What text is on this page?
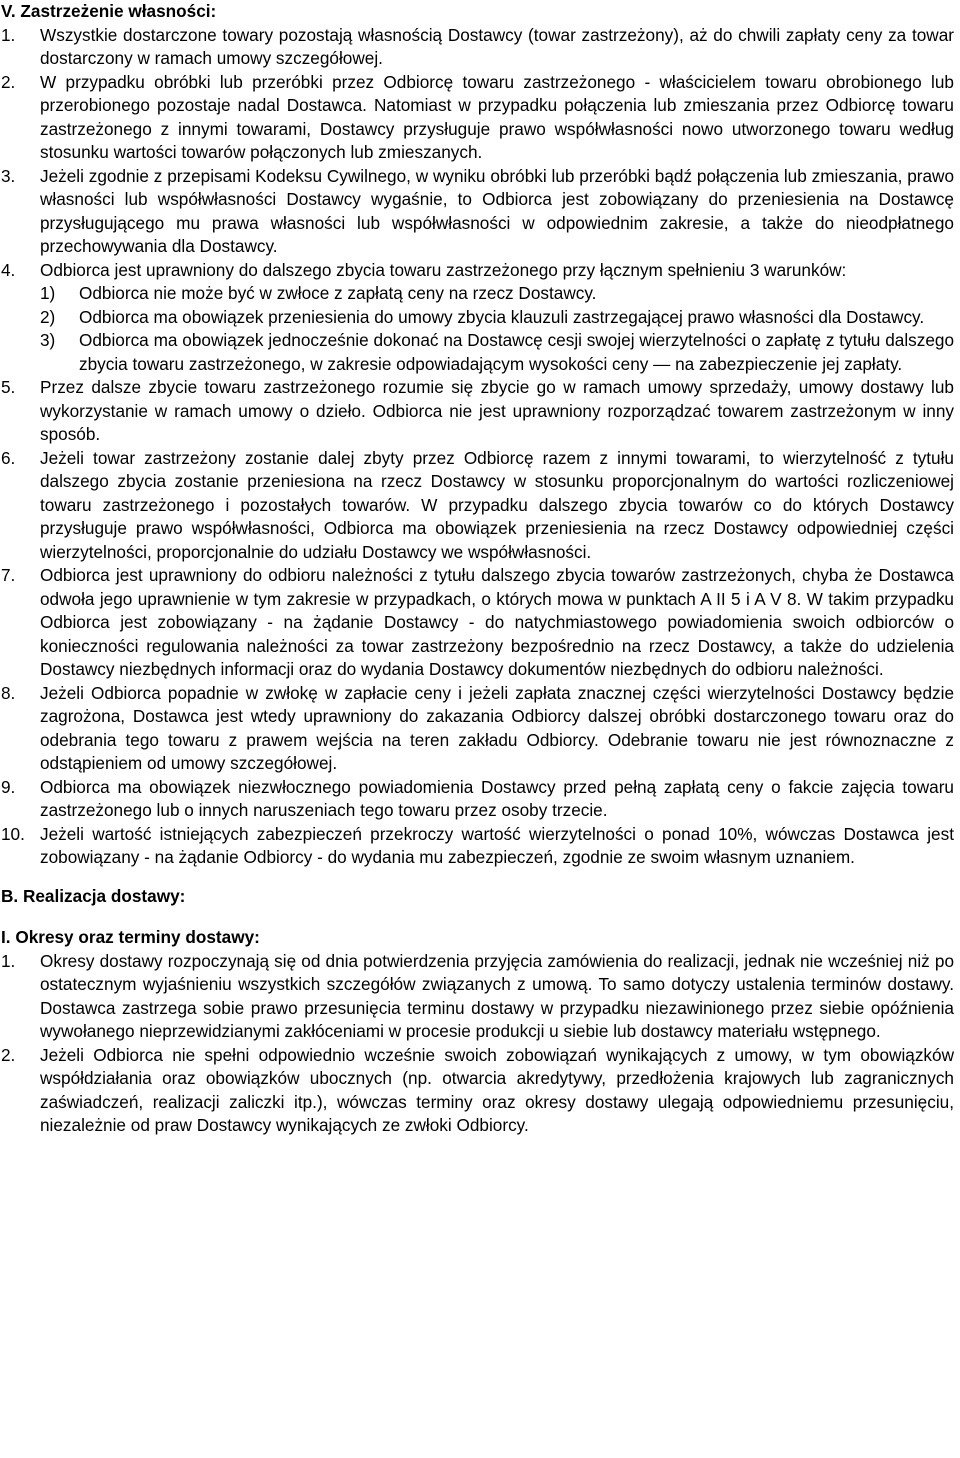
V. Zastrzeżenie własności:
1.	Wszystkie dostarczone towary pozostają własnością Dostawcy (towar zastrzeżony), aż do chwili zapłaty ceny za towar dostarczony w ramach umowy szczegółowej.
2.	W przypadku obróbki lub przeróbki przez Odbiorcę towaru zastrzeżonego - właścicielem towaru obrobionego lub przerobionego pozostaje nadal Dostawca. Natomiast w przypadku połączenia lub zmieszania przez Odbiorcę towaru zastrzeżonego z innymi towarami, Dostawcy przysługuje prawo współwłasności nowo utworzonego towaru według stosunku wartości towarów połączonych lub zmieszanych.
3.	Jeżeli zgodnie z przepisami Kodeksu Cywilnego, w wyniku obróbki lub przeróbki bądź połączenia lub zmieszania, prawo własności lub współwłasności Dostawcy wygaśnie, to Odbiorca jest zobowiązany do przeniesienia na Dostawcę przysługującego mu prawa własności lub współwłasności w odpowiednim zakresie, a także do nieodpłatnego przechowywania dla Dostawcy.
4.	Odbiorca jest uprawniony do dalszego zbycia towaru zastrzeżonego przy łącznym spełnieniu 3 warunków:

1)	Odbiorca nie może być w zwłoce z zapłatą ceny na rzecz Dostawcy.
2)	Odbiorca ma obowiązek przeniesienia do umowy zbycia klauzuli zastrzegającej prawo własności dla Dostawcy.
3)	Odbiorca ma obowiązek jednocześnie dokonać na Dostawcę cesji swojej wierzytelności o zapłatę z tytułu dalszego zbycia towaru zastrzeżonego, w zakresie odpowiadającym wysokości ceny — na zabezpieczenie jej zapłaty.
5.	Przez dalsze zbycie towaru zastrzeżonego rozumie się zbycie go w ramach umowy sprzedaży, umowy dostawy lub wykorzystanie w ramach umowy o dzieło. Odbiorca nie jest uprawniony rozporządzać towarem zastrzeżonym w inny sposób.
6.	Jeżeli towar zastrzeżony zostanie dalej zbyty przez Odbiorcę razem z innymi towarami, to wierzytelność z tytułu dalszego zbycia zostanie przeniesiona na rzecz Dostawcy w stosunku proporcjonalnym do wartości rozliczeniowej towaru zastrzeżonego i pozostałych towarów. W przypadku dalszego zbycia towarów co do których Dostawcy przysługuje prawo współwłasności, Odbiorca ma obowiązek przeniesienia na rzecz Dostawcy odpowiedniej części wierzytelności, proporcjonalnie do udziału Dostawcy we współwłasności.
7.	Odbiorca jest uprawniony do odbioru należności z tytułu dalszego zbycia towarów zastrzeżonych, chyba że Dostawca odwoła jego uprawnienie w tym zakresie w przypadkach, o których mowa w punktach A II 5 i A V 8. W takim przypadku Odbiorca jest zobowiązany - na żądanie Dostawcy - do natychmiastowego powiadomienia swoich odbiorców o konieczności regulowania należności za towar zastrzeżony bezpośrednio na rzecz Dostawcy, a także do udzielenia Dostawcy niezbędnych informacji oraz do wydania Dostawcy dokumentów niezbędnych do odbioru należności.
8.	Jeżeli Odbiorca popadnie w zwłokę w zapłacie ceny i jeżeli zapłata znacznej części wierzytelności Dostawcy będzie zagrożona, Dostawca jest wtedy uprawniony do zakazania Odbiorcy dalszej obróbki dostarczonego towaru oraz do odebrania tego towaru z prawem wejścia na teren zakładu Odbiorcy. Odebranie towaru nie jest równoznaczne z odstąpieniem od umowy szczegółowej.
9.	Odbiorca ma obowiązek niezwłocznego powiadomienia Dostawcy przed pełną zapłatą ceny o fakcie zajęcia towaru zastrzeżonego lub o innych naruszeniach tego towaru przez osoby trzecie.
10. Jeżeli wartość istniejących zabezpieczeń przekroczy wartość wierzytelności o ponad 10%, wówczas Dostawca jest zobowiązany - na żądanie Odbiorcy - do wydania mu zabezpieczeń, zgodnie ze swoim własnym uznaniem.
B. Realizacja dostawy:
I. Okresy oraz terminy dostawy:
1.	Okresy dostawy rozpoczynają się od dnia potwierdzenia przyjęcia zamówienia do realizacji, jednak nie wcześniej niż po ostatecznym wyjaśnieniu wszystkich szczegółów związanych z umową. To samo dotyczy ustalenia terminów dostawy. Dostawca zastrzega sobie prawo przesunięcia terminu dostawy w przypadku niezawinionego przez siebie opóźnienia wywołanego nieprzewidzianymi zakłóceniami w procesie produkcji u siebie lub dostawcy materiału wstępnego.
2.	Jeżeli Odbiorca nie spełni odpowiednio wcześnie swoich zobowiązań wynikających z umowy, w tym obowiązków współdziałania oraz obowiązków ubocznych (np. otwarcia akredytywy, przedłożenia krajowych lub zagranicznych zaświadczeń, realizacji zaliczki itp.), wówczas terminy oraz okresy dostawy ulegają odpowiedniemu przesunięciu, niezależnie od praw Dostawcy wynikających ze zwłoki Odbiorcy.
